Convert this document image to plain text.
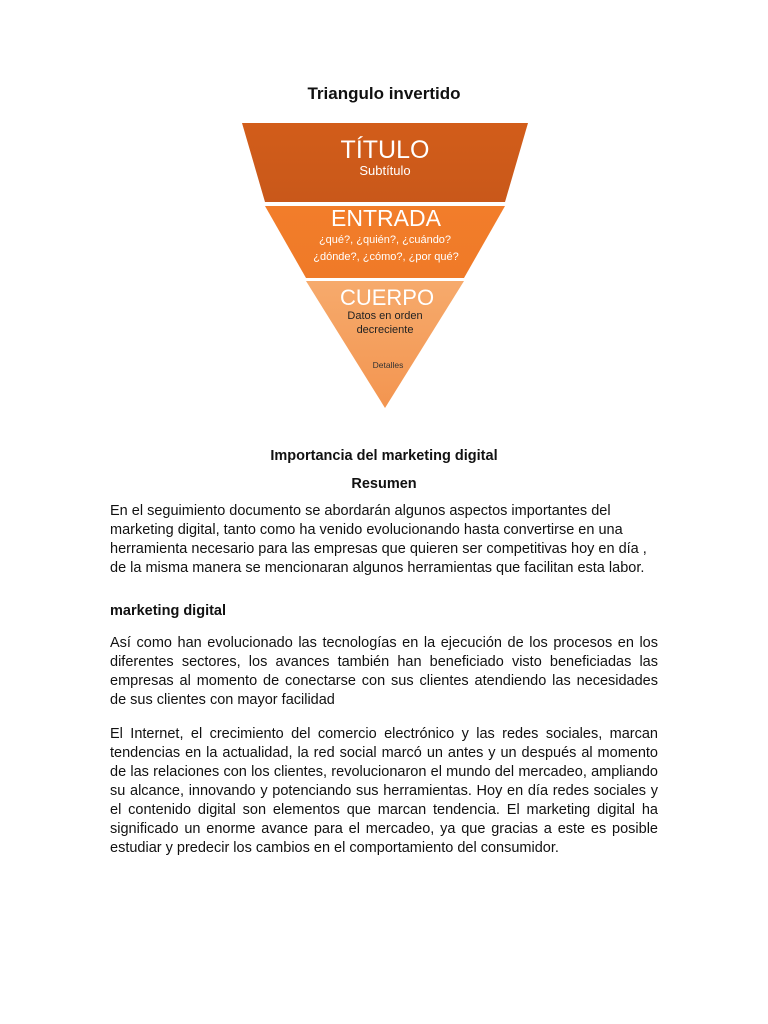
Triangulo invertido
TÍTULO
Subtítulo
ENTRADA
¿qué?, ¿quién?, ¿cuándo?
¿dónde?, ¿cómo?, ¿por qué?
CUERPO
Datos en orden
decreciente
Detalles
Importancia del marketing digital
Resumen

En el seguimiento documento se abordarán algunos aspectos importantes del marketing digital, tanto como ha venido evolucionando hasta convertirse en una herramienta necesario para las empresas que quieren ser competitivas hoy en día , de la misma manera se mencionaran algunos herramientas que facilitan esta labor.

marketing digital

Así como han evolucionado las tecnologías en la ejecución de los procesos en los diferentes sectores, los avances también han beneficiado visto beneficiadas las empresas al momento de conectarse con sus clientes atendiendo las necesidades de sus clientes con mayor facilidad

El Internet, el crecimiento del comercio electrónico y las redes sociales, marcan tendencias en la actualidad, la red social marcó un antes y un después al momento de las relaciones con los clientes, revolucionaron el mundo del mercadeo, ampliando su alcance, innovando y potenciando sus herramientas. Hoy en día redes sociales y el contenido digital son elementos que marcan tendencia. El marketing digital ha significado un enorme avance para el mercadeo, ya que gracias a este es posible estudiar y predecir los cambios en el comportamiento del consumidor.
